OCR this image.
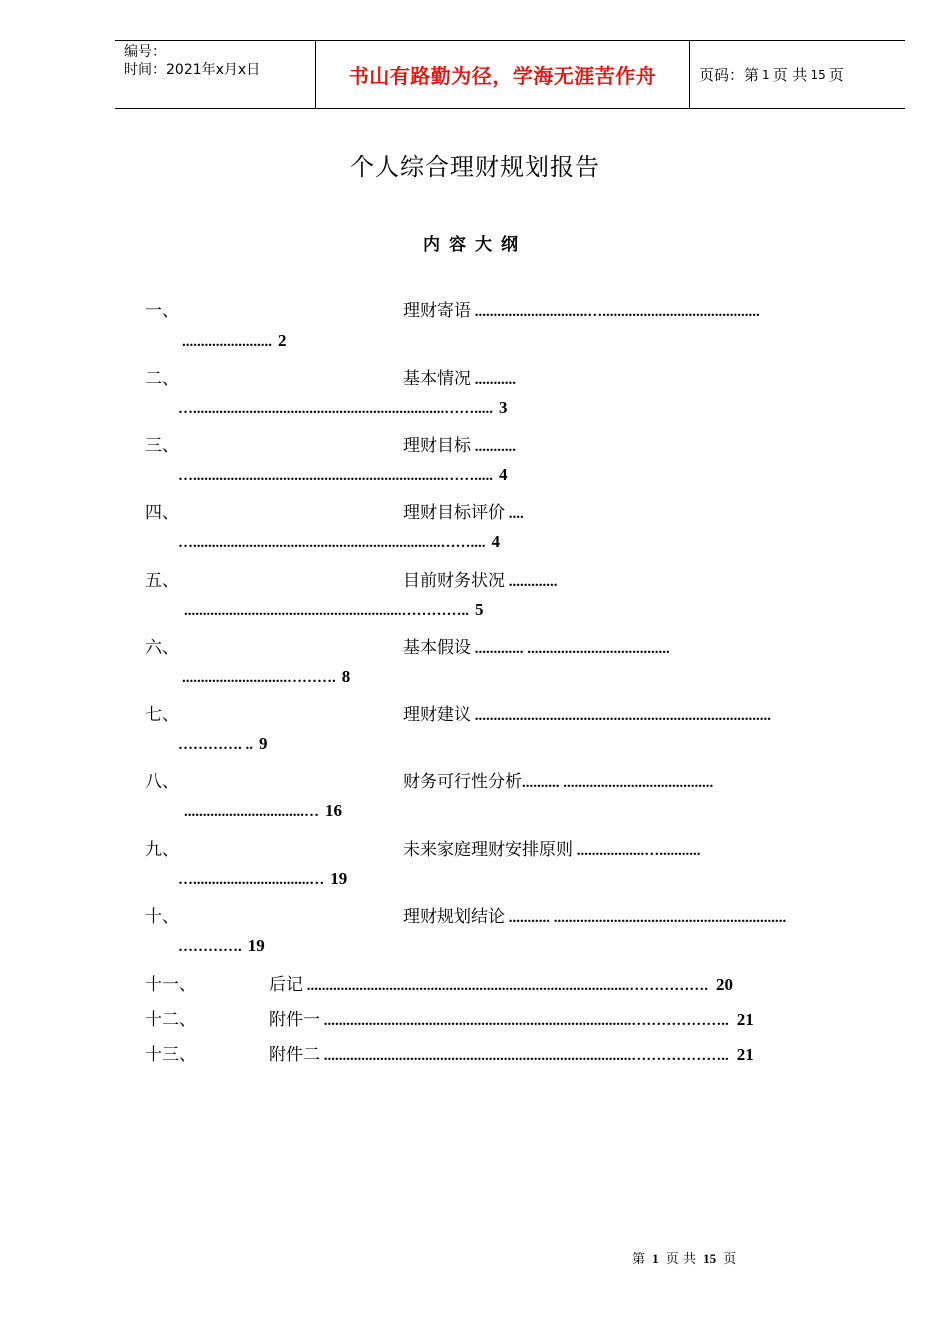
编号：
时间：2021年x月x日	书山有路勤为径，学海无涯苦作舟	页码：第 1 页 共 15 页
个人综合理财规划报告
内容大纲
一、	理财寄语 ..............................…..........................................
........................ 2
二、	基本情况 ...........
…...................................................................……..... 3
三、	理财目标 ...........
…...................................................................……..... 4
四、	理财目标评价 ....
…..................................................................…….... 4
五、	目前财务状况 .............
..........................................................………….. 5
六、	基本假设 ............. ......................................
............................………. 8
七、	理财建议 ...............................................................................
…………. .. 9
八、	财务可行性分析.......... ........................................
................................… 16
九、	未来家庭理财安排原则 ..................…...........
…...............................… 19
十、	理财规划结论 ........... ..............................................................
…………. 19
十一、	后记 ......................................................................................……………. 20
十二、	附件一 ..................................................................................……………….. 21
十三、	附件二 ..................................................................................……………….. 21
第 1 页 共 15 页
